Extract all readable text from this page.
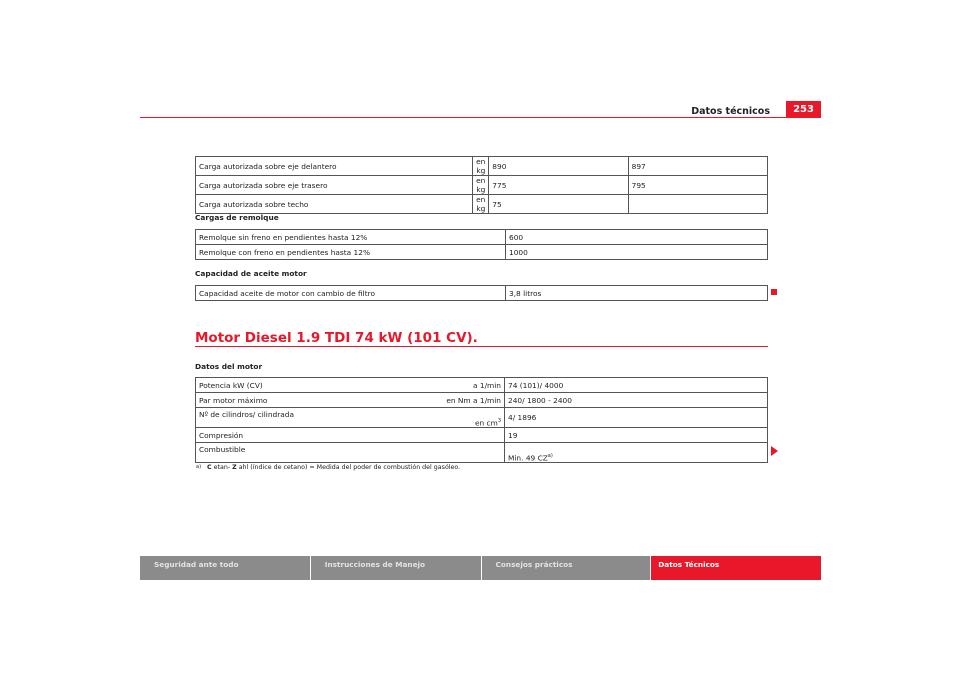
Datos técnicos	253
Carga autorizada sobre eje delantero	en kg	890	897
Carga autorizada sobre eje trasero	en kg	775	795
Carga autorizada sobre techo	en kg	75	
Cargas de remolque
Remolque sin freno en pendientes hasta 12%	600
Remolque con freno en pendientes hasta 12%	1000
Capacidad de aceite motor
Capacidad aceite de motor con cambio de filtro	3,8 litros
Motor Diesel 1.9 TDI 74 kW (101 CV).
Datos del motor
Potencia kW (CV)	a 1/min	74 (101)/ 4000
Par motor máximo	en Nm a 1/min	240/ 1800 - 2400
Nº de cilindros/ cilindrada	en $cm^3$	4/ 1896
Compresión		19
Combustible		Min. 49 CZ$^{a)}$
$^{a)}$ C etan- Z ahl (índice de cetano) = Medida del poder de combustión del gasóleo.
Seguridad ante todo	Instrucciones de Manejo	Consejos prácticos	Datos Técnicos
